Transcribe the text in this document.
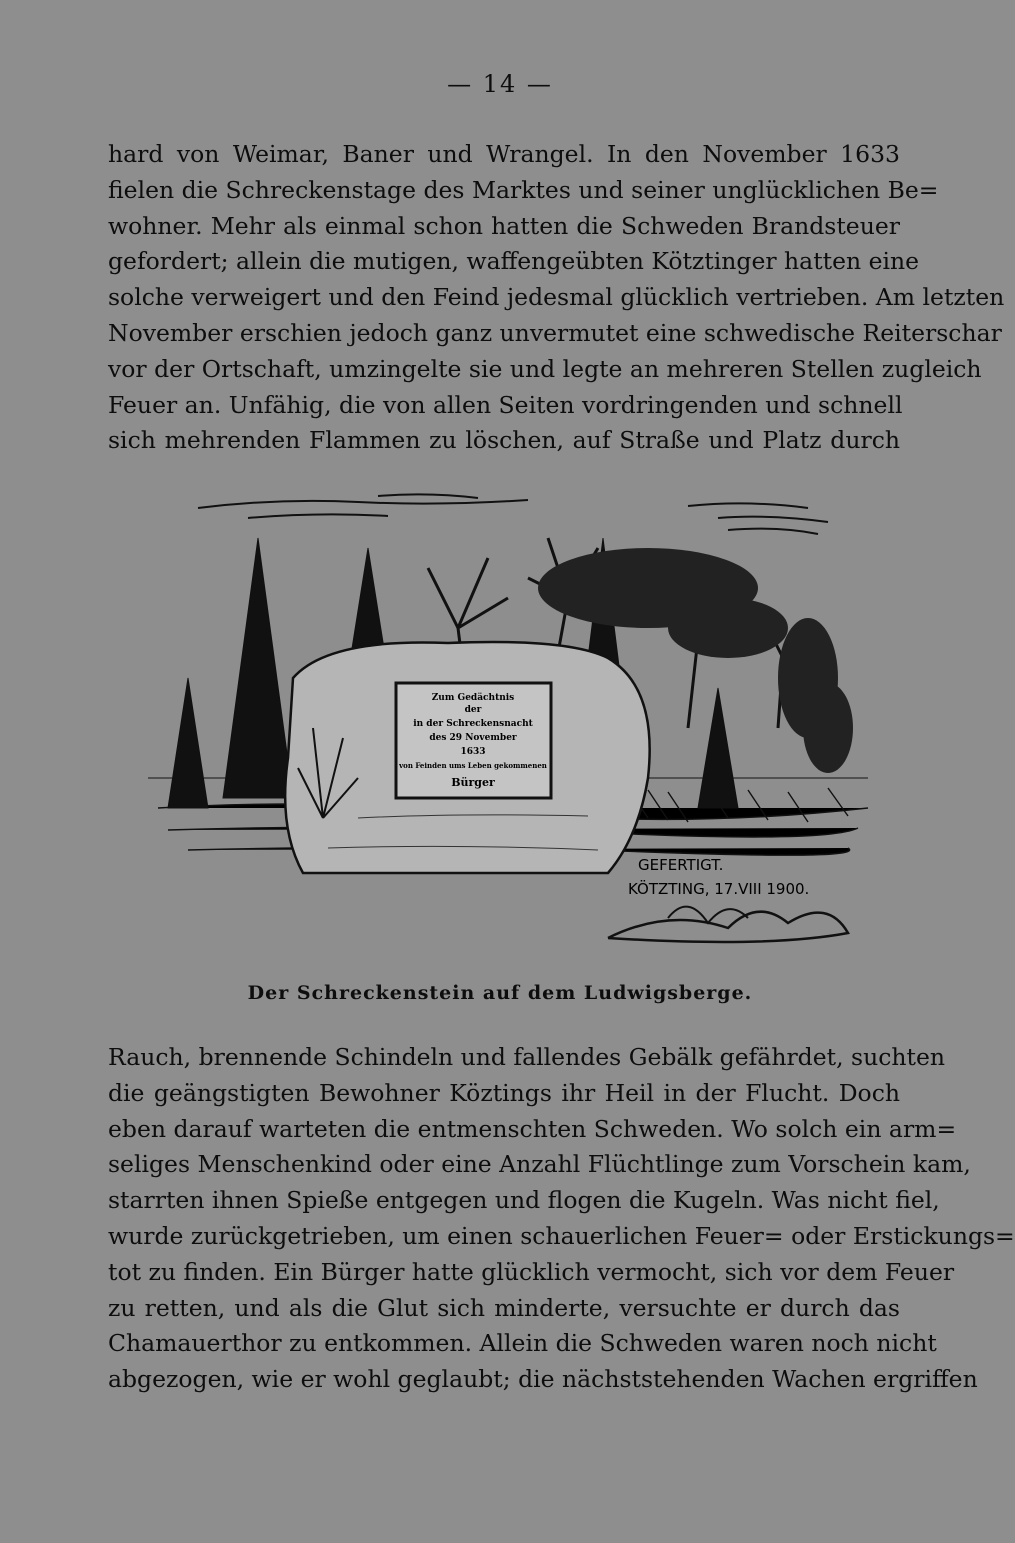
— 14 —
hard von Weimar, Baner und Wrangel. In den November 1633
fielen die Schreckenstage des Marktes und seiner unglücklichen Be=
wohner. Mehr als einmal schon hatten die Schweden Brandsteuer
gefordert; allein die mutigen, waffengeübten Kötztinger hatten eine
solche verweigert und den Feind jedesmal glücklich vertrieben. Am letzten
November erschien jedoch ganz unvermutet eine schwedische Reiterschar
vor der Ortschaft, umzingelte sie und legte an mehreren Stellen zugleich
Feuer an. Unfähig, die von allen Seiten vordringenden und schnell
sich mehrenden Flammen zu löschen, auf Straße und Platz durch
Zum Gedächtnis
der
in der Schreckensnacht
des 29 November
1633
von Feinden ums Leben gekommenen
Bürger
GEFERTIGT.
KÖTZTING, 17.VIII 1900.
Der Schreckenstein auf dem Ludwigsberge.
Rauch, brennende Schindeln und fallendes Gebälk gefährdet, suchten
die geängstigten Bewohner Köztings ihr Heil in der Flucht. Doch
eben darauf warteten die entmenschten Schweden. Wo solch ein arm=
seliges Menschenkind oder eine Anzahl Flüchtlinge zum Vorschein kam,
starrten ihnen Spieße entgegen und flogen die Kugeln. Was nicht fiel,
wurde zurückgetrieben, um einen schauerlichen Feuer= oder Erstickungs=
tot zu finden. Ein Bürger hatte glücklich vermocht, sich vor dem Feuer
zu retten, und als die Glut sich minderte, versuchte er durch das
Chamauerthor zu entkommen. Allein die Schweden waren noch nicht
abgezogen, wie er wohl geglaubt; die nächststehenden Wachen ergriffen
